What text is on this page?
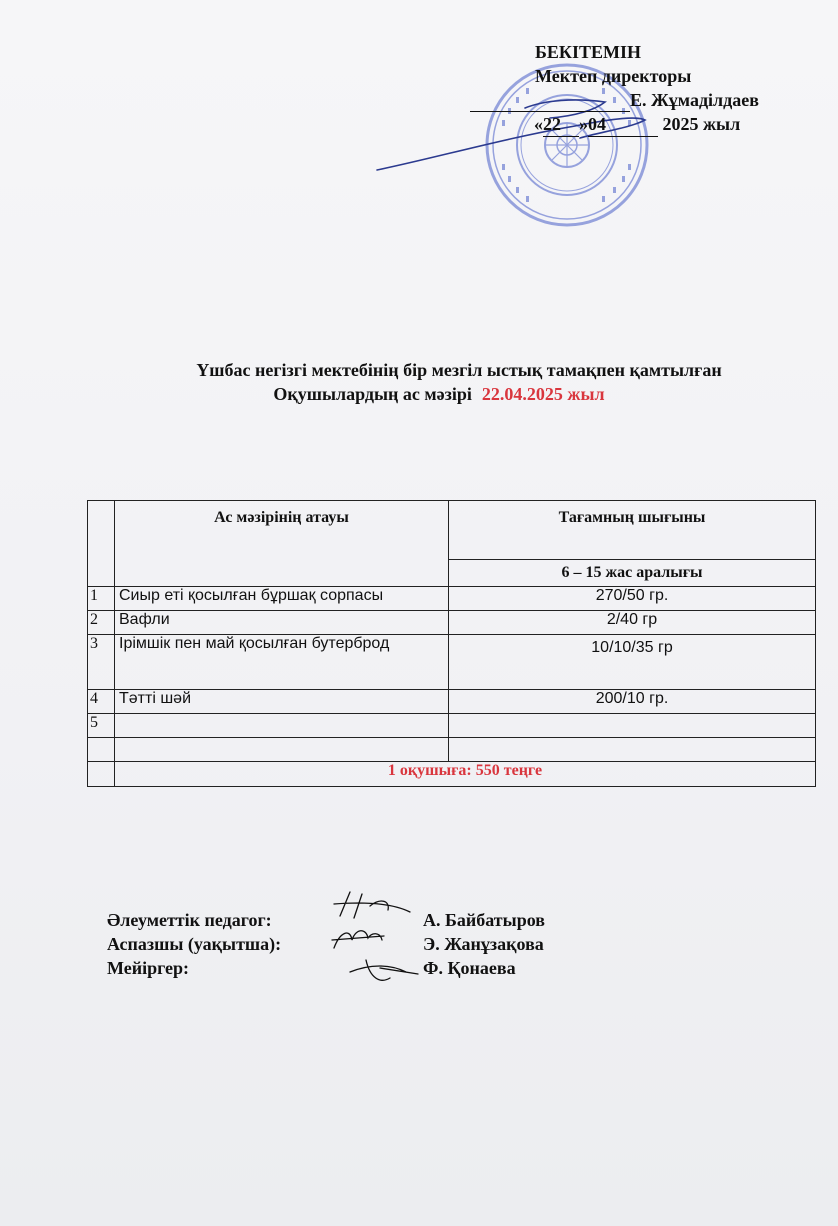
БЕКІТЕМІН
Мектеп директоры
Е. Жұмаділдаев
«22 »04	2025 жыл
Үшбас негізгі мектебінің бір мезгіл ыстық тамақпен қамтылған
Оқушылардың ас мәзірі 22.04.2025 жыл
	Ас мәзірінің атауы	Тағамның шығыны
		6 – 15 жас аралығы
1	Сиыр еті қосылған бұршақ сорпасы	270/50 гр.
2	Вафли	2/40 гр
3	Ірімшік пен май қосылған бутерброд	10/10/35 гр
4	Тәтті шәй	200/10 гр.
5		

	1 оқушыға: 550 теңге	
Әлеуметтік педагог:	А. Байбатыров
Аспазшы (уақытша):	Э. Жанұзақова
Мейіргер:	Ф. Қонаева
